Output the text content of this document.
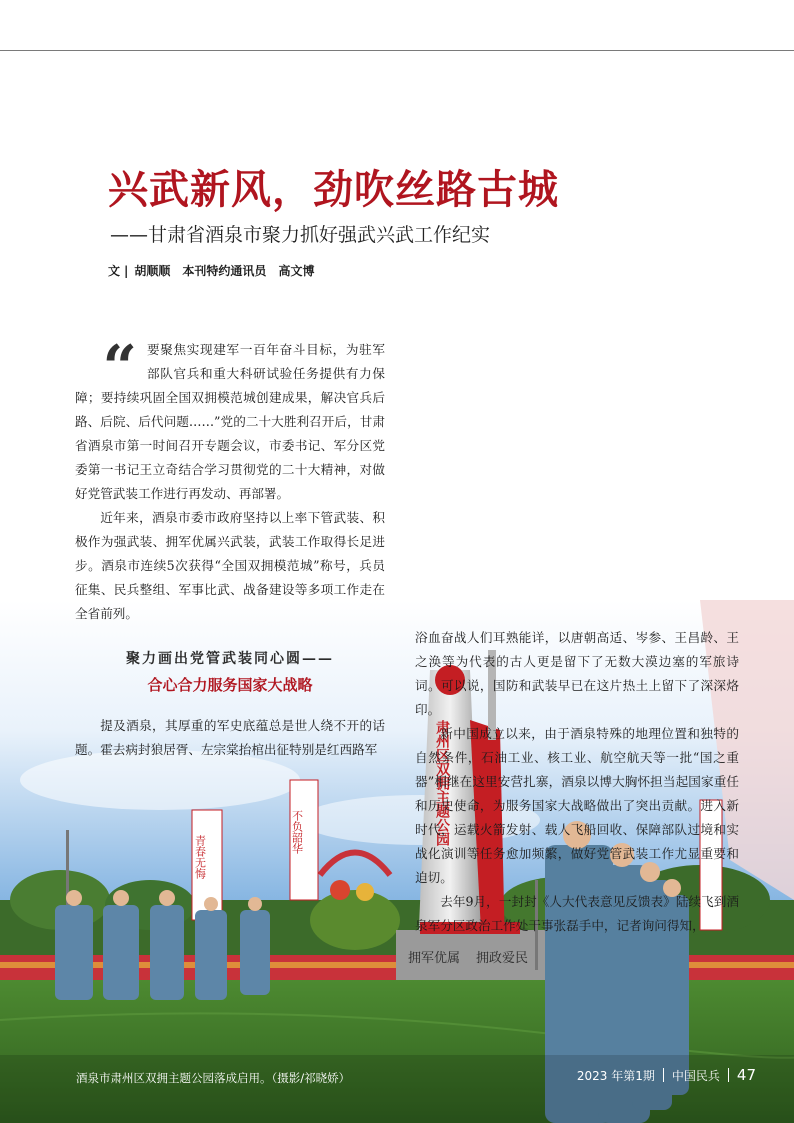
兴武新风，劲吹丝路古城
——甘肃省酒泉市聚力抓好强武兴武工作纪实
文 | 胡顺顺 本刊特约通讯员 高文博
肃州区双拥主题公园
拥军优属 拥政爱民
青春无悔
不负韶华
“ 要聚焦实现建军一百年奋斗目标，为驻军部队官兵和重大科研试验任务提供有力保障；要持续巩固全国双拥模范城创建成果，解决官兵后路、后院、后代问题……”党的二十大胜利召开后，甘肃省酒泉市第一时间召开专题会议，市委书记、军分区党委第一书记王立奇结合学习贯彻党的二十大精神，对做好党管武装工作进行再发动、再部署。

近年来，酒泉市委市政府坚持以上率下管武装、积极作为强武装、拥军优属兴武装，武装工作取得长足进步。酒泉市连续5次获得“全国双拥模范城”称号，兵员征集、民兵整组、军事比武、战备建设等多项工作走在全省前列。

聚力画出党管武装同心圆——
合心合力服务国家大战略

提及酒泉，其厚重的军史底蕴总是世人绕不开的话题。霍去病封狼居胥、左宗棠抬棺出征特别是红西路军

浴血奋战人们耳熟能详，以唐朝高适、岑参、王昌龄、王之涣等为代表的古人更是留下了无数大漠边塞的军旅诗词。可以说，国防和武装早已在这片热土上留下了深深烙印。

新中国成立以来，由于酒泉特殊的地理位置和独特的自然条件，石油工业、核工业、航空航天等一批“国之重器”相继在这里安营扎寨，酒泉以博大胸怀担当起国家重任和历史使命，为服务国家大战略做出了突出贡献。进入新时代，运载火箭发射、载人飞船回收、保障部队过境和实战化演训等任务愈加频繁，做好党管武装工作尤显重要和迫切。

去年9月，一封封《人大代表意见反馈表》陆续飞到酒泉军分区政治工作处干事张磊手中，记者询问得知，

酒泉市肃州区双拥主题公园落成启用。（摄影/祁晓娇）	2023 年第1期 中国民兵 47
